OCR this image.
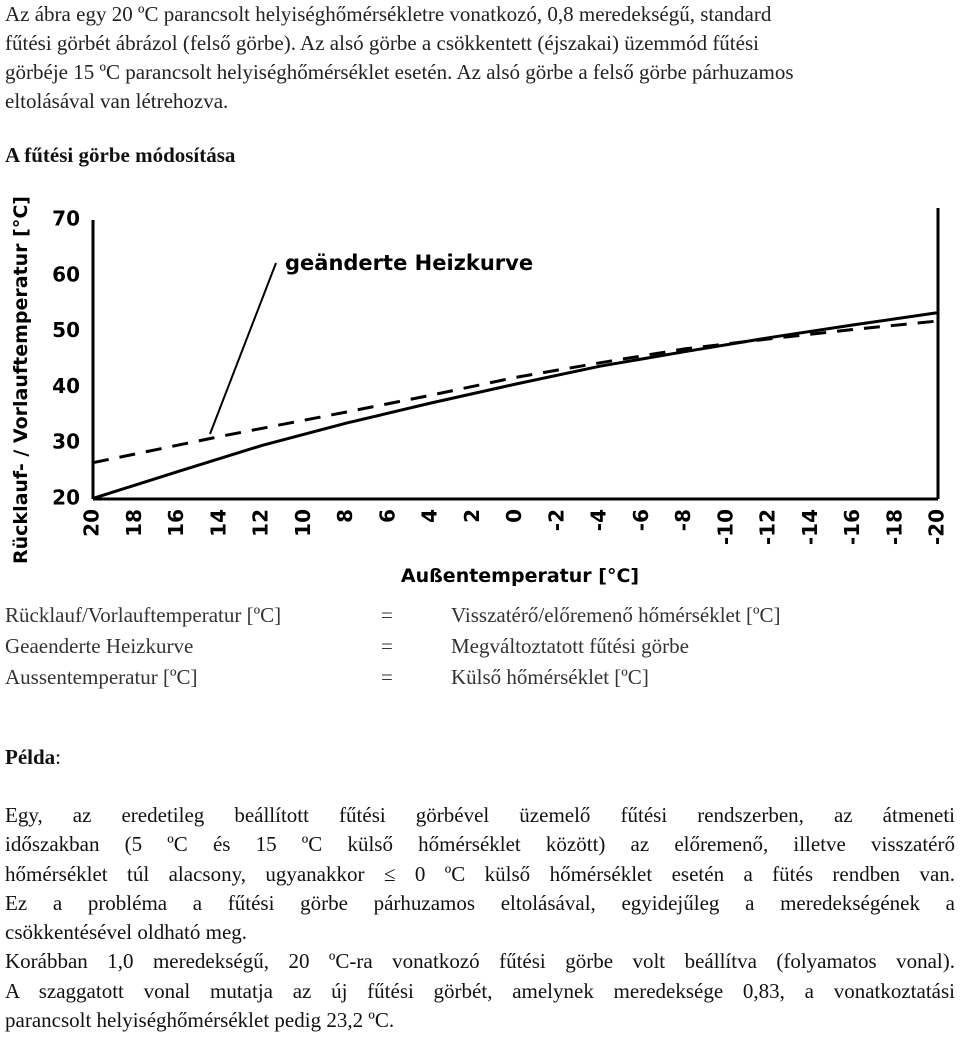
Az ábra egy 20 ºC parancsolt helyiséghőmérsékletre vonatkozó, 0,8 meredekségű, standard
fűtési görbét ábrázol (felső görbe). Az alsó görbe a csökkentett (éjszakai) üzemmód fűtési
görbéje 15 ºC parancsolt helyiséghőmérséklet esetén. Az alsó görbe a felső görbe párhuzamos
eltolásával van létrehozva.
A fűtési görbe módosítása
20 18 16 14 12 10 8 6 4 2 0 -2 -4 -6 -8 -10 -12 -14 -16 -18 -20
70
60
50
40
30
20
geänderte Heizkurve
Außentemperatur [°C]
Rücklauf- / Vorlauftemperatur [°C]
Rücklauf/Vorlauftemperatur [ºC]	=	Visszatérő/előremenő hőmérséklet [ºC]
Geaenderte Heizkurve	=	Megváltoztatott fűtési görbe
Aussentemperatur [ºC]	=	Külső hőmérséklet [ºC]
Példa:

Egy, az eredetileg beállított fűtési görbével üzemelő fűtési rendszerben, az átmeneti

időszakban (5 ºC és 15 ºC külső hőmérséklet között) az előremenő, illetve visszatérő

hőmérséklet túl alacsony, ugyanakkor ≤ 0 ºC külső hőmérséklet esetén a fütés rendben van.

Ez a probléma a fűtési görbe párhuzamos eltolásával, egyidejűleg a meredekségének a

csökkentésével oldható meg.

Korábban 1,0 meredekségű, 20 ºC-ra vonatkozó fűtési görbe volt beállítva (folyamatos vonal).

A szaggatott vonal mutatja az új fűtési görbét, amelynek meredeksége 0,83, a vonatkoztatási

parancsolt helyiséghőmérséklet pedig 23,2 ºC.
